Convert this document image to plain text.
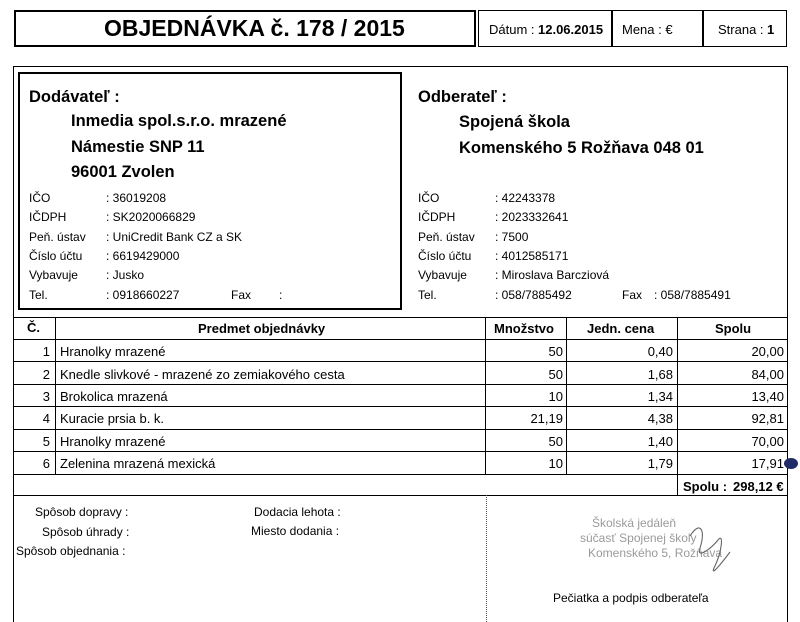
OBJEDNÁVKA č. 178 / 2015	Dátum : 12.06.2015 Mena : €	Strana : 1
Dodávateľ :
Inmedia spol.s.r.o. mrazené
Námestie SNP 11
96001 Zvolen
IČO	: 36019208
IČDPH	: SK2020066829
Peň. ústav : UniCredit Bank CZ a SK
Číslo účtu : 6619429000
Vybavuje : Jusko
Tel.	: 0918660227	Fax :
Odberateľ :
Spojená škola
Komenského 5 Rožňava 048 01
IČO	: 42243378
IČDPH	: 2023332641
Peň. ústav : 7500
Číslo účtu : 4012585171
Vybavuje : Miroslava Barcziová
Tel.	: 058/7885492	Fax : 058/7885491
Č.	Predmet objednávky	Množstvo	Jedn. cena	Spolu
1 Hranolky mrazené	50	0,40	20,00
2 Knedle slivkové - mrazené zo zemiakového cesta	50	1,68	84,00
3 Brokolica mrazená	10	1,34	13,40
4 Kuracie prsia b. k.	21,19	4,38	92,81
5 Hranolky mrazené	50	1,40	70,00
6 Zelenina mrazená mexická	10	1,79	17,91
Spolu : 298,12 €
Spôsob dopravy :
Spôsob úhrady :
Spôsob objednania :
Dodacia lehota :
Miesto dodania :
Školská jedáleň
súčasť Spojenej školy
Komenského 5, Rožňava
Pečiatka a podpis odberateľa
